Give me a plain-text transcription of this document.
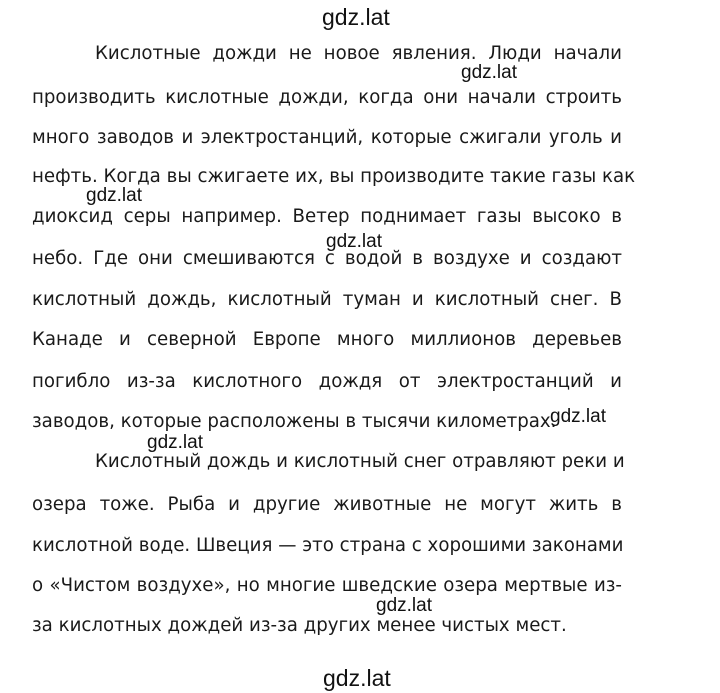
gdz.lat
Кислотные дожди не новое явления. Люди начали
производить кислотные дожди, когда они начали строить
много заводов и электростанций, которые сжигали уголь и
нефть. Когда вы сжигаете их, вы производите такие газы как
диоксид серы например. Ветер поднимает газы высоко в
небо. Где они смешиваются с водой в воздухе и создают
кислотный дождь, кислотный туман и кислотный снег. В
Канаде и северной Европе много миллионов деревьев
погибло из-за кислотного дождя от электростанций и
заводов, которые расположены в тысячи километрах.
Кислотный дождь и кислотный снег отравляют реки и
озера тоже. Рыба и другие животные не могут жить в
кислотной воде. Швеция — это страна с хорошими законами
о «Чистом воздухе», но многие шведские озера мертвые из-
за кислотных дождей из-за других менее чистых мест.
gdz.lat
gdz.lat
gdz.lat
gdz.lat
gdz.lat
gdz.lat
gdz.lat
